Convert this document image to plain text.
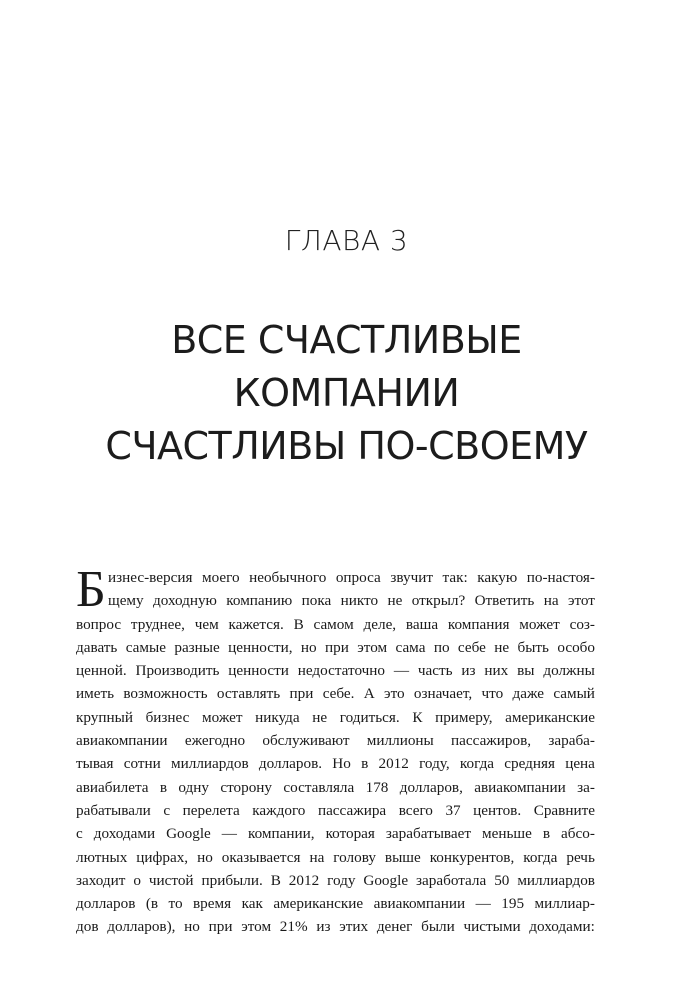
ГЛАВА 3
ВСЕ СЧАСТЛИВЫЕ
КОМПАНИИ
СЧАСТЛИВЫ ПО-СВОЕМУ
Б изнес-версия моего необычного опроса звучит так: какую по-настоя-
щему доходную компанию пока никто не открыл? Ответить на этот
вопрос труднее, чем кажется. В самом деле, ваша компания может соз-
давать самые разные ценности, но при этом сама по себе не быть особо
ценной. Производить ценности недостаточно — часть из них вы должны
иметь возможность оставлять при себе. А это означает, что даже самый
крупный бизнес может никуда не годиться. К примеру, американские
авиакомпании ежегодно обслуживают миллионы пассажиров, зараба-
тывая сотни миллиардов долларов. Но в 2012 году, когда средняя цена
авиабилета в одну сторону составляла 178 долларов, авиакомпании за-
рабатывали с перелета каждого пассажира всего 37 центов. Сравните
с доходами Google — компании, которая зарабатывает меньше в абсо-
лютных цифрах, но оказывается на голову выше конкурентов, когда речь
заходит о чистой прибыли. В 2012 году Google заработала 50 миллиардов
долларов (в то время как американские авиакомпании — 195 миллиар-
дов долларов), но при этом 21% из этих денег были чистыми доходами:
